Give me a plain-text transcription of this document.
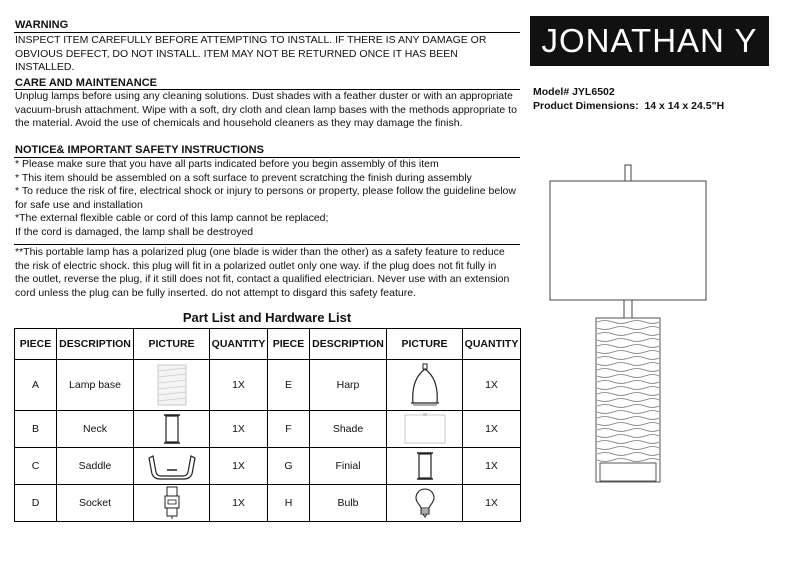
WARNING
INSPECT ITEM CAREFULLY BEFORE ATTEMPTING TO INSTALL. IF THERE IS ANY DAMAGE OR
OBVIOUS DEFECT, DO NOT INSTALL. ITEM MAY NOT BE RETURNED ONCE IT HAS BEEN
INSTALLED.
CARE AND MAINTENANCE
Unplug lamps before using any cleaning solutions. Dust shades with a feather duster or with an appropriate
vacuum-brush attachment. Wipe with a soft, dry cloth and clean lamp bases with the methods appropriate to
the material. Avoid the use of chemicals and household cleaners as they may damage the finish.
NOTICE& IMPORTANT SAFETY INSTRUCTIONS
* Please make sure that you have all parts indicated before you begin assembly of this item
* This item should be assembled on a soft surface to prevent scratching the finish during assembly
* To reduce the risk of fire, electrical shock or injury to persons or property, please follow the guideline below
for safe use and installation
*The external flexible cable or cord of this lamp cannot be replaced;
If the cord is damaged, the lamp shall be destroyed
**This portable lamp has a polarized plug (one blade is wider than the other) as a safety feature to reduce
the risk of electric shock. this plug will fit in a polarized outlet only one way. if the plug does not fit fully in
the outlet, reverse the plug, if it still does not fit, contact a qualified electrician. Never use with an extension
cord unless the plug can be fully inserted. do not attempt to disgard this safety feature.
JONATHAN Y
Model# JYL6502
Product Dimensions: 14 x 14 x 24.5"H
Part List and Hardware List
PIECE	DESCRIPTION	PICTURE	QUANTITY	PIECE	DESCRIPTION	PICTURE	QUANTITY
A	Lamp base		1X	E	Harp		1X
B	Neck		1X	F	Shade		1X
C	Saddle		1X	G	Finial		1X
D	Socket		1X	H	Bulb		1X
